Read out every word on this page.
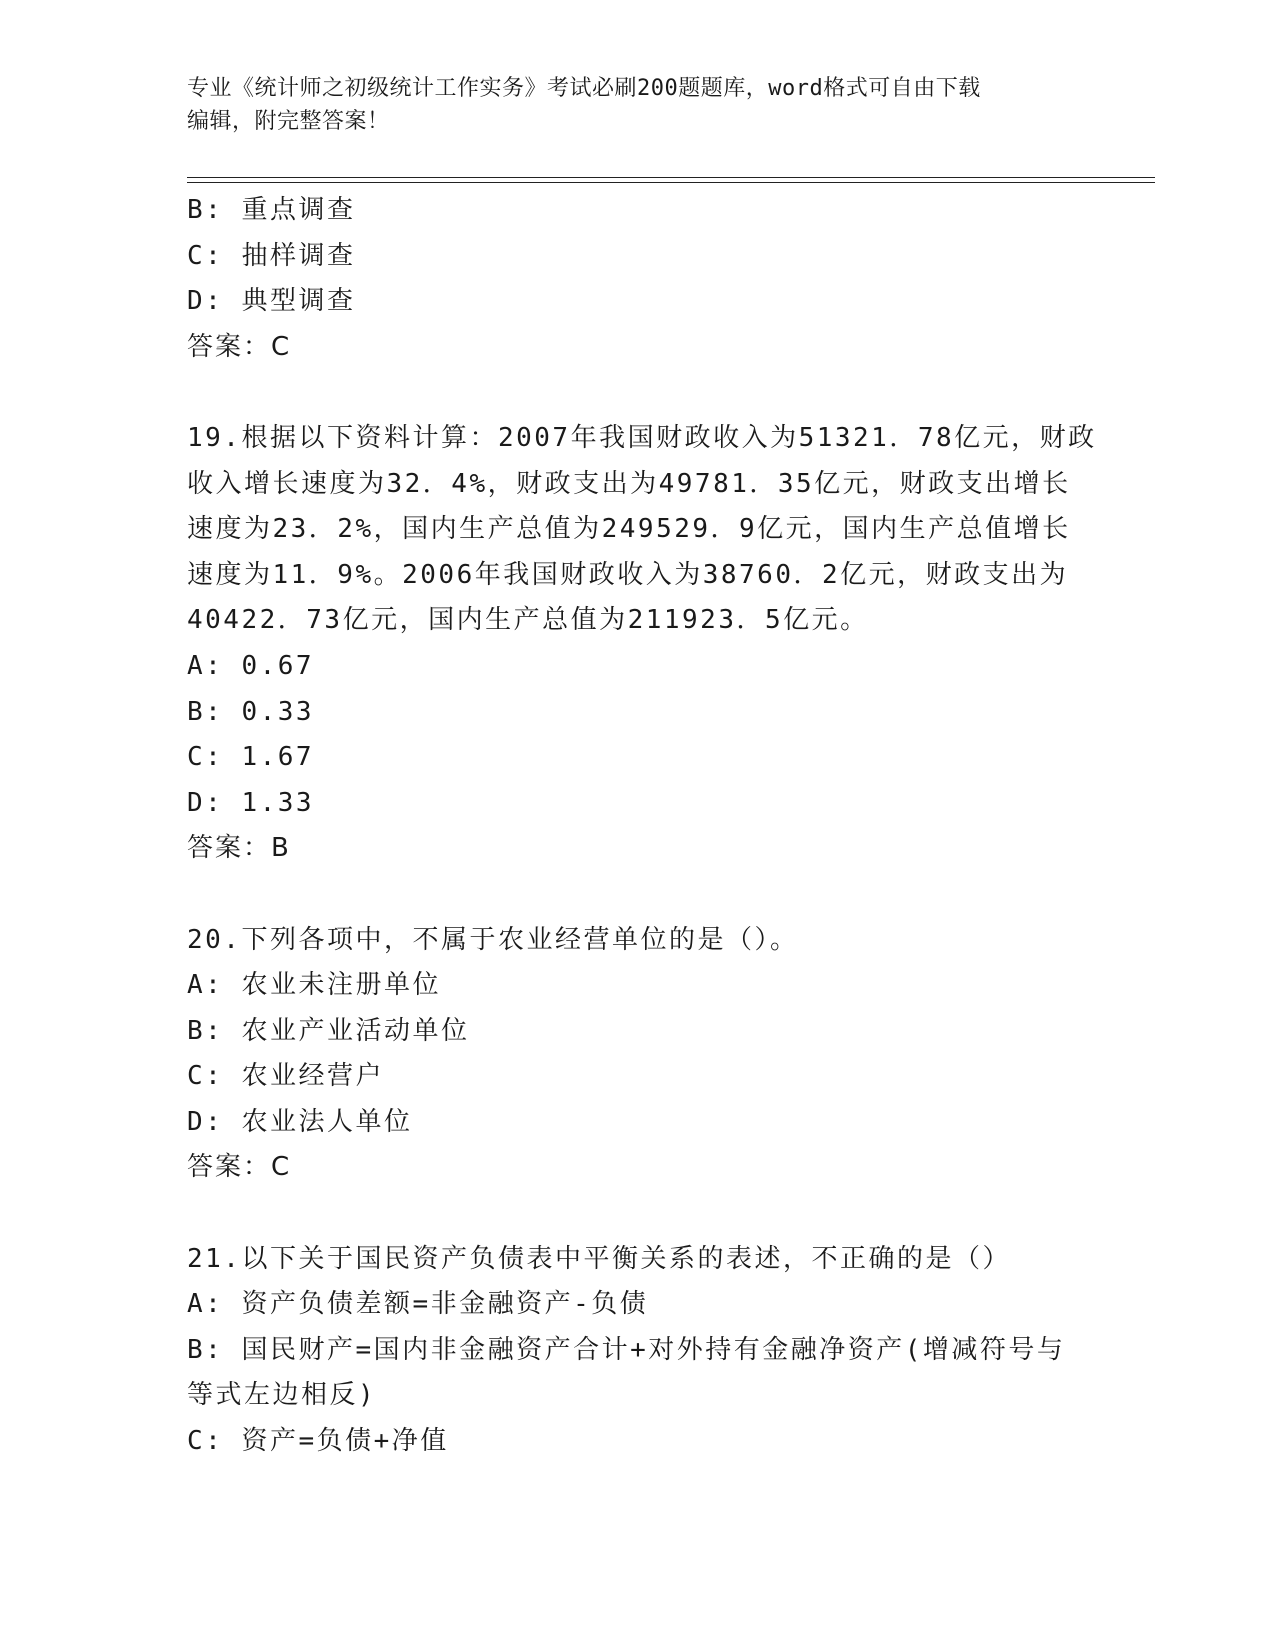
专业《统计师之初级统计工作实务》考试必刷200题题库，word格式可自由下载
编辑，附完整答案！
B: 重点调查
C: 抽样调查
D: 典型调查
答案：C
19.根据以下资料计算：2007年我国财政收入为51321．78亿元，财政
收入增长速度为32．4%，财政支出为49781．35亿元，财政支出增长
速度为23．2%，国内生产总值为249529．9亿元，国内生产总值增长
速度为11．9%。2006年我国财政收入为38760．2亿元，财政支出为
40422．73亿元，国内生产总值为211923．5亿元。
A: 0.67
B: 0.33
C: 1.67
D: 1.33
答案：B
20.下列各项中，不属于农业经营单位的是（）。
A: 农业未注册单位
B: 农业产业活动单位
C: 农业经营户
D: 农业法人单位
答案：C
21.以下关于国民资产负债表中平衡关系的表述，不正确的是（）
A: 资产负债差额=非金融资产-负债
B: 国民财产=国内非金融资产合计+对外持有金融净资产(增减符号与
等式左边相反)
C: 资产=负债+净值
